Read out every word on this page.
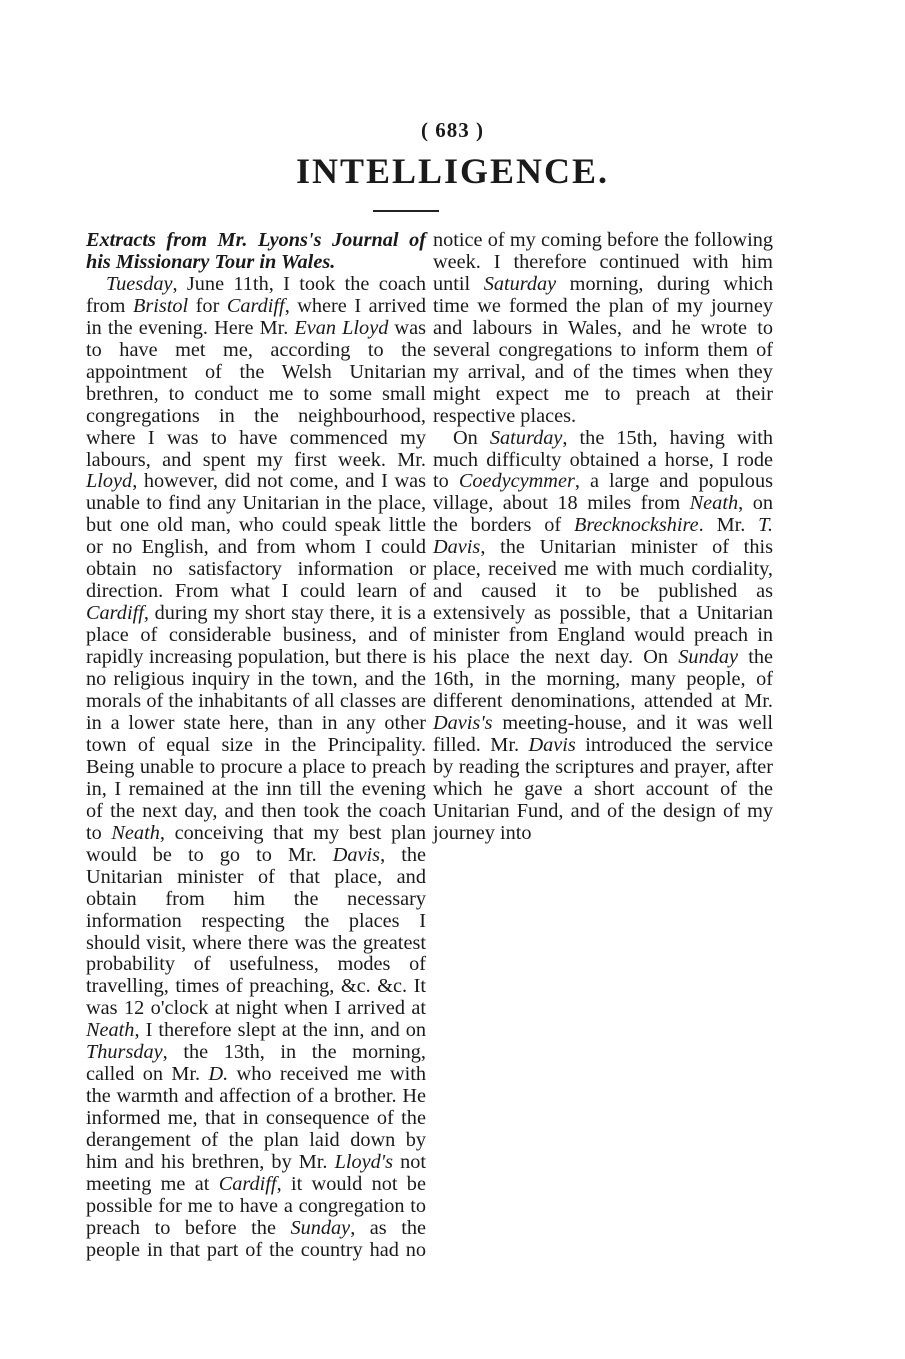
( 683 )
INTELLIGENCE.

Extracts from Mr. Lyons's Journal of his Missionary Tour in Wales.

Tuesday, June 11th, I took the coach from Bristol for Cardiff, where I arrived in the evening. Here Mr. Evan Lloyd was to have met me, according to the appointment of the Welsh Unitarian brethren, to conduct me to some small congregations in the neighbourhood, where I was to have commenced my labours, and spent my first week. Mr. Lloyd, however, did not come, and I was unable to find any Unitarian in the place, but one old man, who could speak little or no English, and from whom I could obtain no satisfactory information or direction. From what I could learn of Cardiff, during my short stay there, it is a place of considerable business, and of rapidly increasing population, but there is no religious inquiry in the town, and the morals of the inhabitants of all classes are in a lower state here, than in any other town of equal size in the Principality. Being unable to procure a place to preach in, I remained at the inn till the evening of the next day, and then took the coach to Neath, conceiving that my best plan would be to go to Mr. Davis, the Unitarian minister of that place, and obtain from him the necessary information respecting the places I should visit, where there was the greatest probability of usefulness, modes of travelling, times of preaching, &c. &c. It was 12 o'clock at night when I arrived at Neath, I therefore slept at the inn, and on Thursday, the 13th, in the morning, called on Mr. D. who received me with the warmth and affection of a brother. He informed me, that in consequence of the derangement of the plan laid down by him and his brethren, by Mr. Lloyd's not meeting me at Cardiff, it would not be possible for me to have a congregation to preach to before the Sunday, as the people in that part of the country had no

notice of my coming before the following week. I therefore continued with him until Saturday morning, during which time we formed the plan of my journey and labours in Wales, and he wrote to several congregations to inform them of my arrival, and of the times when they might expect me to preach at their respective places.

On Saturday, the 15th, having with much difficulty obtained a horse, I rode to Coedycymmer, a large and populous village, about 18 miles from Neath, on the borders of Brecknockshire. Mr. T. Davis, the Unitarian minister of this place, received me with much cordiality, and caused it to be published as extensively as possible, that a Unitarian minister from England would preach in his place the next day. On Sunday the 16th, in the morning, many people, of different denominations, attended at Mr. Davis's meeting-house, and it was well filled. Mr. Davis introduced the service by reading the scriptures and prayer, after which he gave a short account of the Unitarian Fund, and of the design of my journey into
